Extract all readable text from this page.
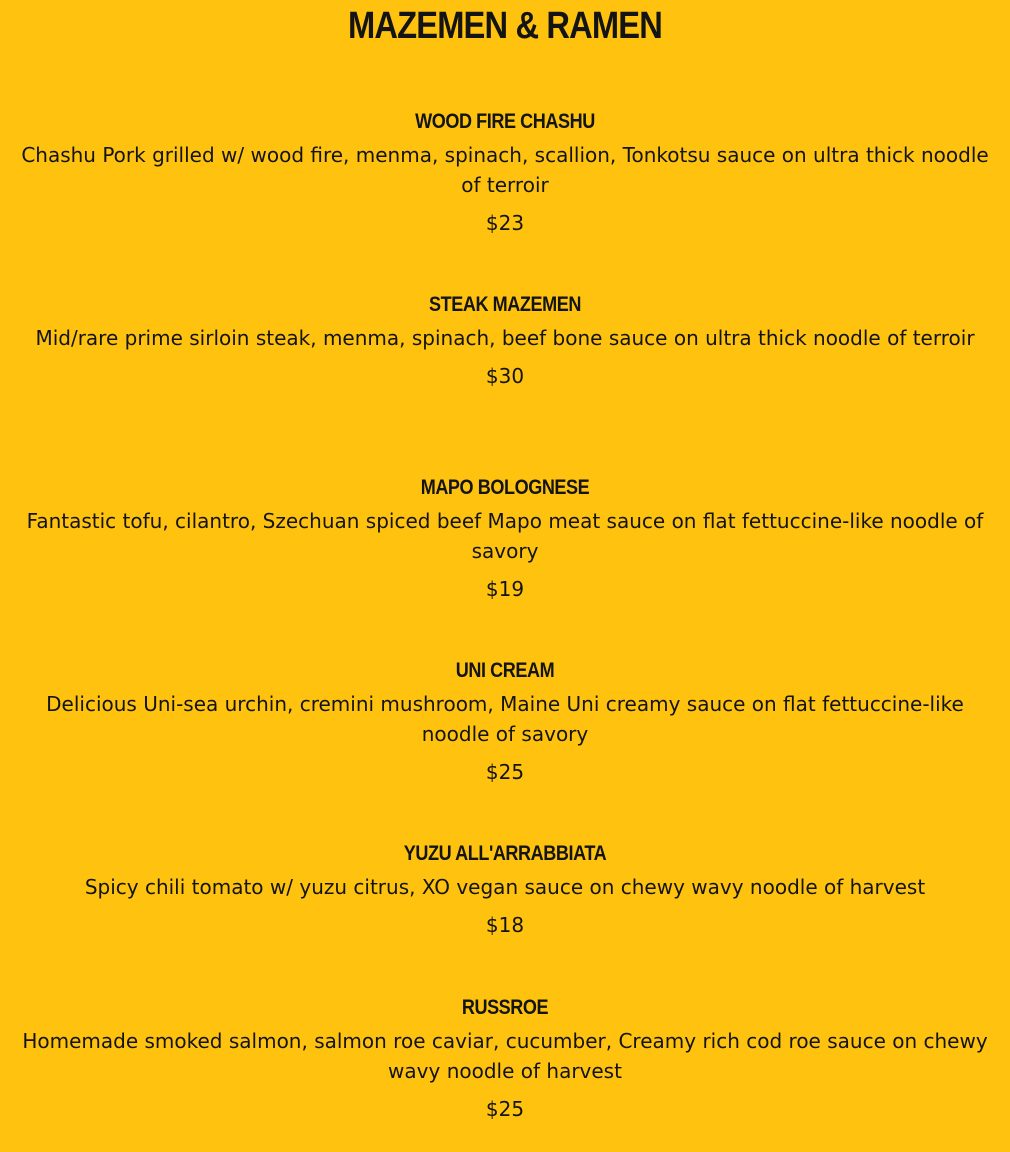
MAZEMEN & RAMEN
WOOD FIRE CHASHU

Chashu Pork grilled w/ wood fire, menma, spinach, scallion, Tonkotsu sauce on ultra thick noodle of terroir

$23

STEAK MAZEMEN

Mid/rare prime sirloin steak, menma, spinach, beef bone sauce on ultra thick noodle of terroir

$30

MAPO BOLOGNESE

Fantastic tofu, cilantro, Szechuan spiced beef Mapo meat sauce on flat fettuccine-like noodle of savory

$19

UNI CREAM

Delicious Uni-sea urchin, cremini mushroom, Maine Uni creamy sauce on flat fettuccine-like noodle of savory

$25

YUZU ALL'ARRABBIATA

Spicy chili tomato w/ yuzu citrus, XO vegan sauce on chewy wavy noodle of harvest

$18

RUSSROE

Homemade smoked salmon, salmon roe caviar, cucumber, Creamy rich cod roe sauce on chewy wavy noodle of harvest

$25
